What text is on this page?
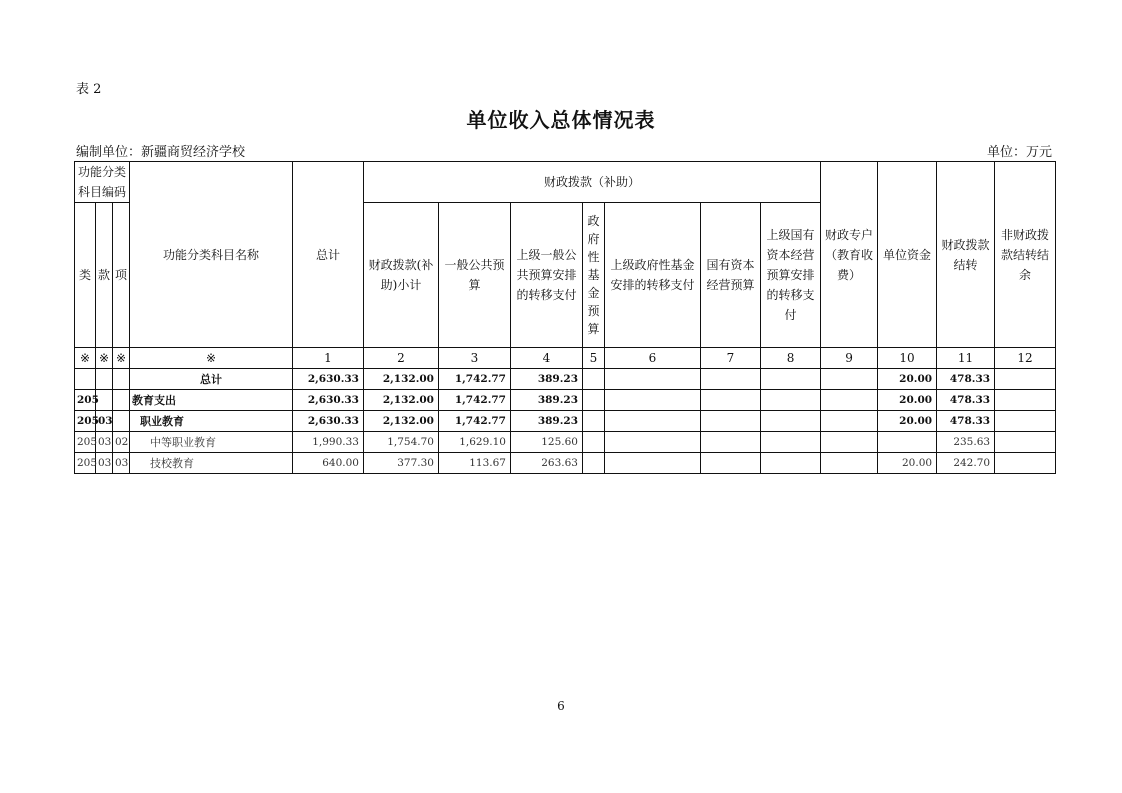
表 2
单位收入总体情况表
编制单位：新疆商贸经济学校	单位：万元
功能分类科目编码			功能分类科目名称	总计	财政拨款（补助）							财政专户（教育收费）	单位资金	财政拨款结转	非财政拨款结转结余
类	款	项			财政拨款(补助)小计	一般公共预算	上级一般公共预算安排的转移支付	政府性基金预算	上级政府性基金安排的转移支付	国有资本经营预算	上级国有资本经营预算安排的转移支付				
※	※	※	※	1	2	3	4	5	6	7	8	9	10	11	12
			总计	2,630.33	2,132.00	1,742.77	389.23						20.00	478.33	
205			教育支出	2,630.33	2,132.00	1,742.77	389.23						20.00	478.33	
205	03		职业教育	2,630.33	2,132.00	1,742.77	389.23						20.00	478.33	
205	03	02	中等职业教育	1,990.33	1,754.70	1,629.10	125.60							235.63	
205	03	03	技校教育	640.00	377.30	113.67	263.63						20.00	242.70	
6
